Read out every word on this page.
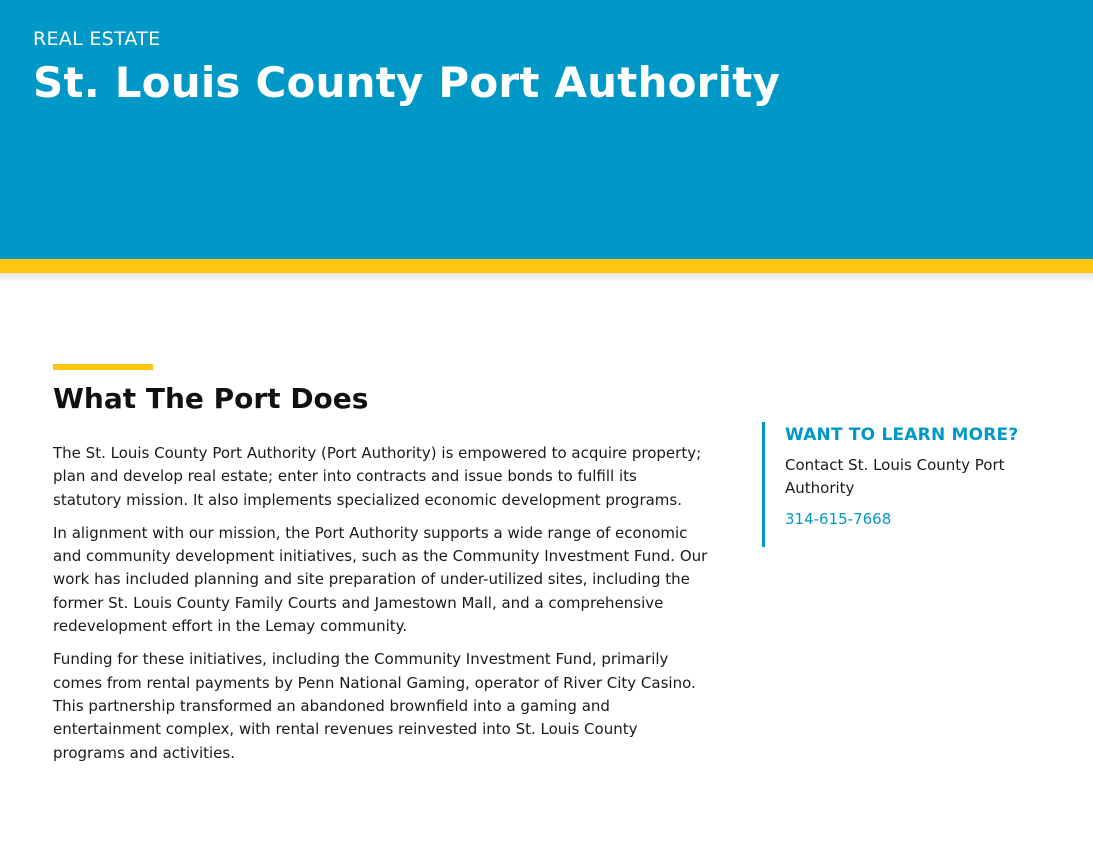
REAL ESTATE
St. Louis County Port Authority
What The Port Does

The St. Louis County Port Authority (Port Authority) is empowered to acquire property; plan and develop real estate; enter into contracts and issue bonds to fulfill its statutory mission. It also implements specialized economic development programs.

In alignment with our mission, the Port Authority supports a wide range of economic and community development initiatives, such as the Community Investment Fund. Our work has included planning and site preparation of under-utilized sites, including the former St. Louis County Family Courts and Jamestown Mall, and a comprehensive redevelopment effort in the Lemay community.

Funding for these initiatives, including the Community Investment Fund, primarily comes from rental payments by Penn National Gaming, operator of River City Casino. This partnership transformed an abandoned brownfield into a gaming and entertainment complex, with rental revenues reinvested into St. Louis County programs and activities.

WANT TO LEARN MORE?
Contact St. Louis County Port Authority
314-615-7668
